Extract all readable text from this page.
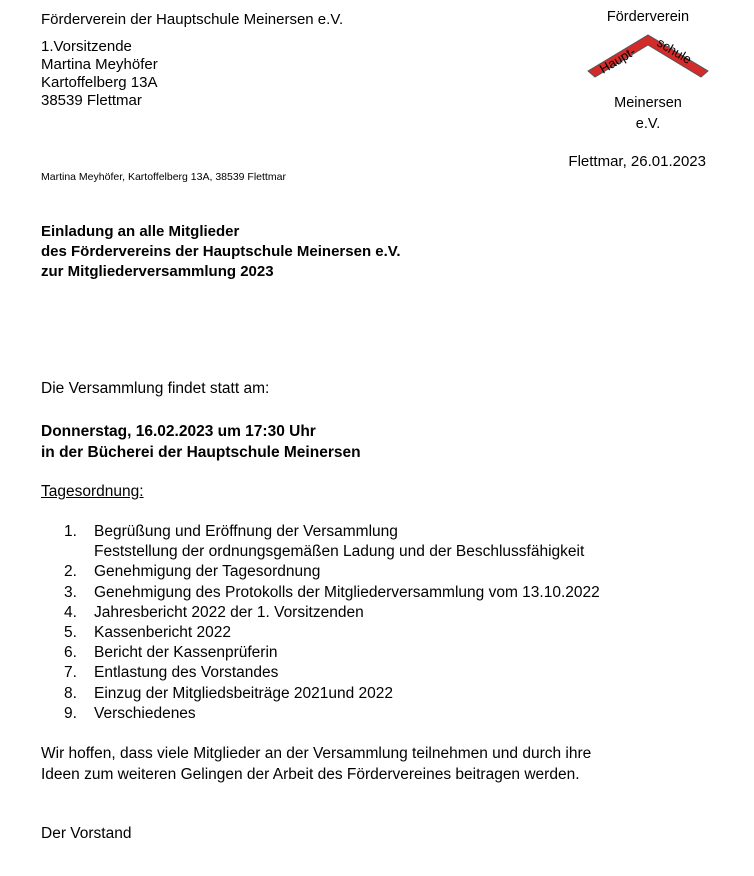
Förderverein der Hauptschule Meinersen e.V.
1.Vorsitzende
Martina Meyhöfer
Kartoffelberg 13A
38539 Flettmar
Förderverein
Haupt- schule
Meinersen
e.V.
Flettmar, 26.01.2023
Martina Meyhöfer, Kartoffelberg 13A, 38539 Flettmar
Einladung an alle Mitglieder
des Fördervereins der Hauptschule Meinersen e.V.
zur Mitgliederversammlung 2023
Die Versammlung findet statt am:
Donnerstag, 16.02.2023 um 17:30 Uhr
in der Bücherei der Hauptschule Meinersen
Tagesordnung:
1.	Begrüßung und Eröffnung der Versammlung
Feststellung der ordnungsgemäßen Ladung und der Beschlussfähigkeit
2.	Genehmigung der Tagesordnung
3.	Genehmigung des Protokolls der Mitgliederversammlung vom 13.10.2022
4.	Jahresbericht 2022 der 1. Vorsitzenden
5.	Kassenbericht 2022
6.	Bericht der Kassenprüferin
7.	Entlastung des Vorstandes
8.	Einzug der Mitgliedsbeiträge 2021und 2022
9.	Verschiedenes
Wir hoffen, dass viele Mitglieder an der Versammlung teilnehmen und durch ihre
Ideen zum weiteren Gelingen der Arbeit des Fördervereines beitragen werden.
Der Vorstand
